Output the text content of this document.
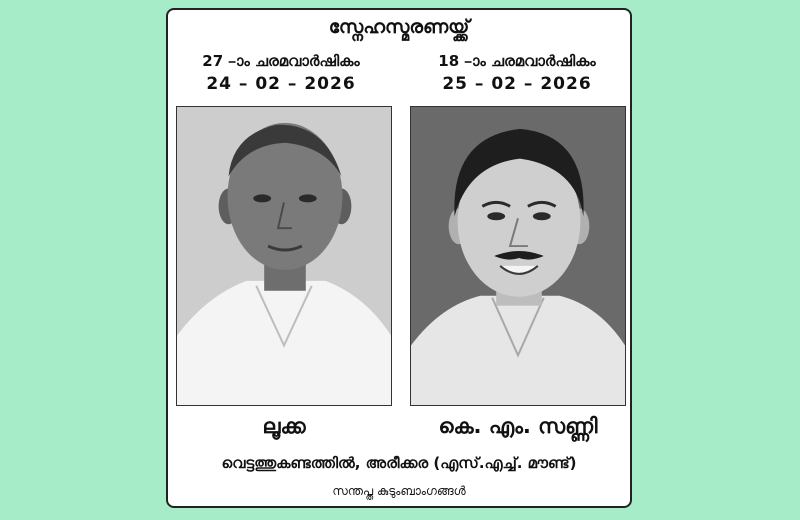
സ്നേഹസ്മരണയ്ക്ക്
27 –ാം ചരമവാർഷികം
24 – 02 – 2026
18 –ാം ചരമവാർഷികം
25 – 02 – 2026
ലൂക്ക	കെ. എം. സണ്ണി
വെട്ടത്തുകണ്ടത്തിൽ, അരീക്കര (എസ്.എച്ച്. മൗണ്ട്)
സന്തപ്ത കുടുംബാംഗങ്ങൾ
